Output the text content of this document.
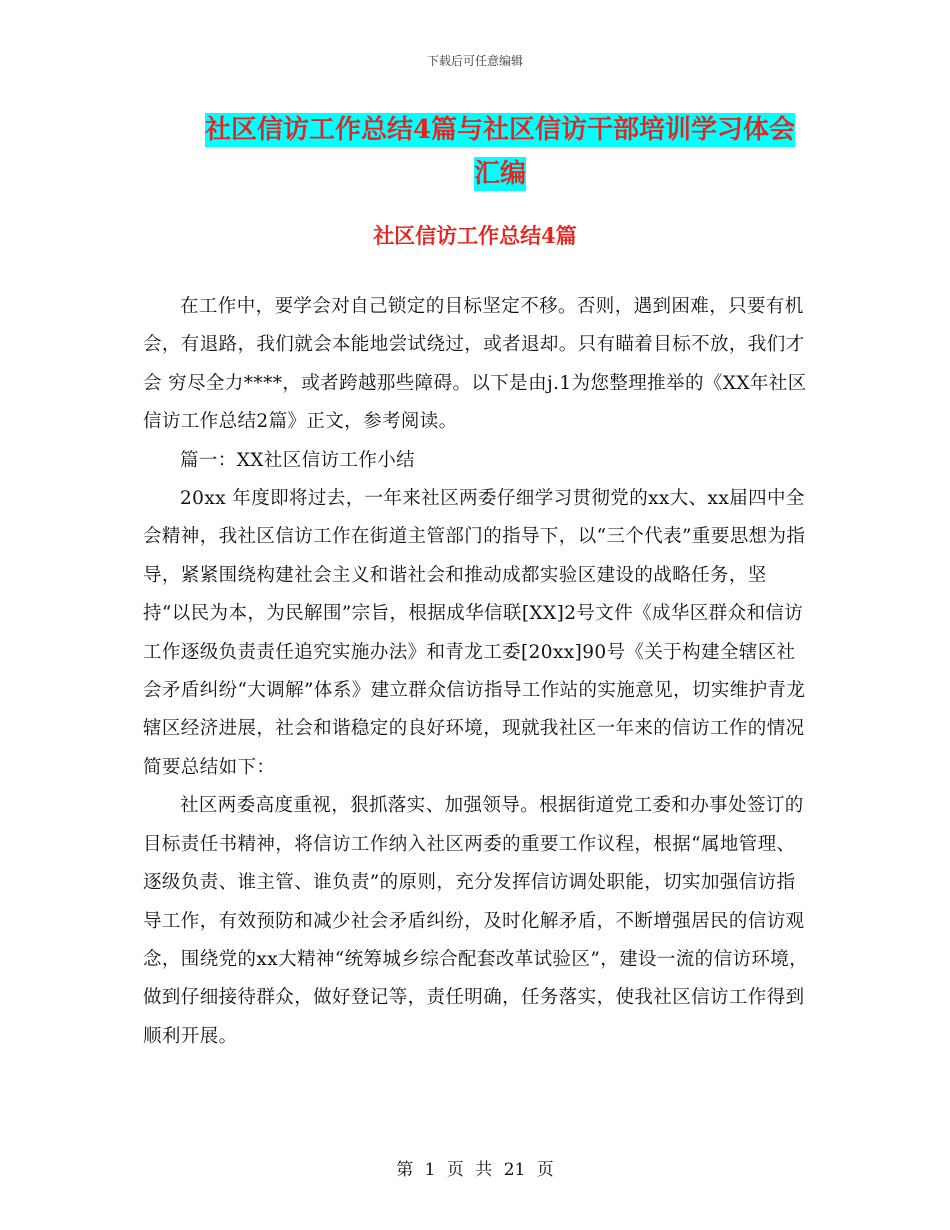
下载后可任意编辑
社区信访工作总结4篇与社区信访干部培训学习体会
汇编
社区信访工作总结4篇

在工作中，要学会对自己锁定的目标坚定不移。否则，遇到困难，只要有机会，有退路，我们就会本能地尝试绕过，或者退却。只有瞄着目标不放，我们才会 穷尽全力****，或者跨越那些障碍。以下是由j.1为您整理推举的《XX年社区信访工作总结2篇》正文，参考阅读。

篇一：XX社区信访工作小结

20xx 年度即将过去，一年来社区两委仔细学习贯彻党的xx大、xx届四中全会精神，我社区信访工作在街道主管部门的指导下，以“三个代表”重要思想为指导，紧紧围绕构建社会主义和谐社会和推动成都实验区建设的战略任务，坚持“以民为本，为民解围”宗旨，根据成华信联[XX]2号文件《成华区群众和信访工作逐级负责责任追究实施办法》和青龙工委[20xx]90号《关于构建全辖区社会矛盾纠纷“大调解”体系》建立群众信访指导工作站的实施意见，切实维护青龙辖区经济进展，社会和谐稳定的良好环境，现就我社区一年来的信访工作的情况简要总结如下：

社区两委高度重视，狠抓落实、加强领导。根据街道党工委和办事处签订的目标责任书精神，将信访工作纳入社区两委的重要工作议程，根据“属地管理、逐级负责、谁主管、谁负责”的原则，充分发挥信访调处职能，切实加强信访指导工作，有效预防和减少社会矛盾纠纷，及时化解矛盾，不断增强居民的信访观念，围绕党的xx大精神“统筹城乡综合配套改革试验区”，建设一流的信访环境，做到仔细接待群众，做好登记等，责任明确，任务落实，使我社区信访工作得到顺利开展。

第 1 页 共 21 页
